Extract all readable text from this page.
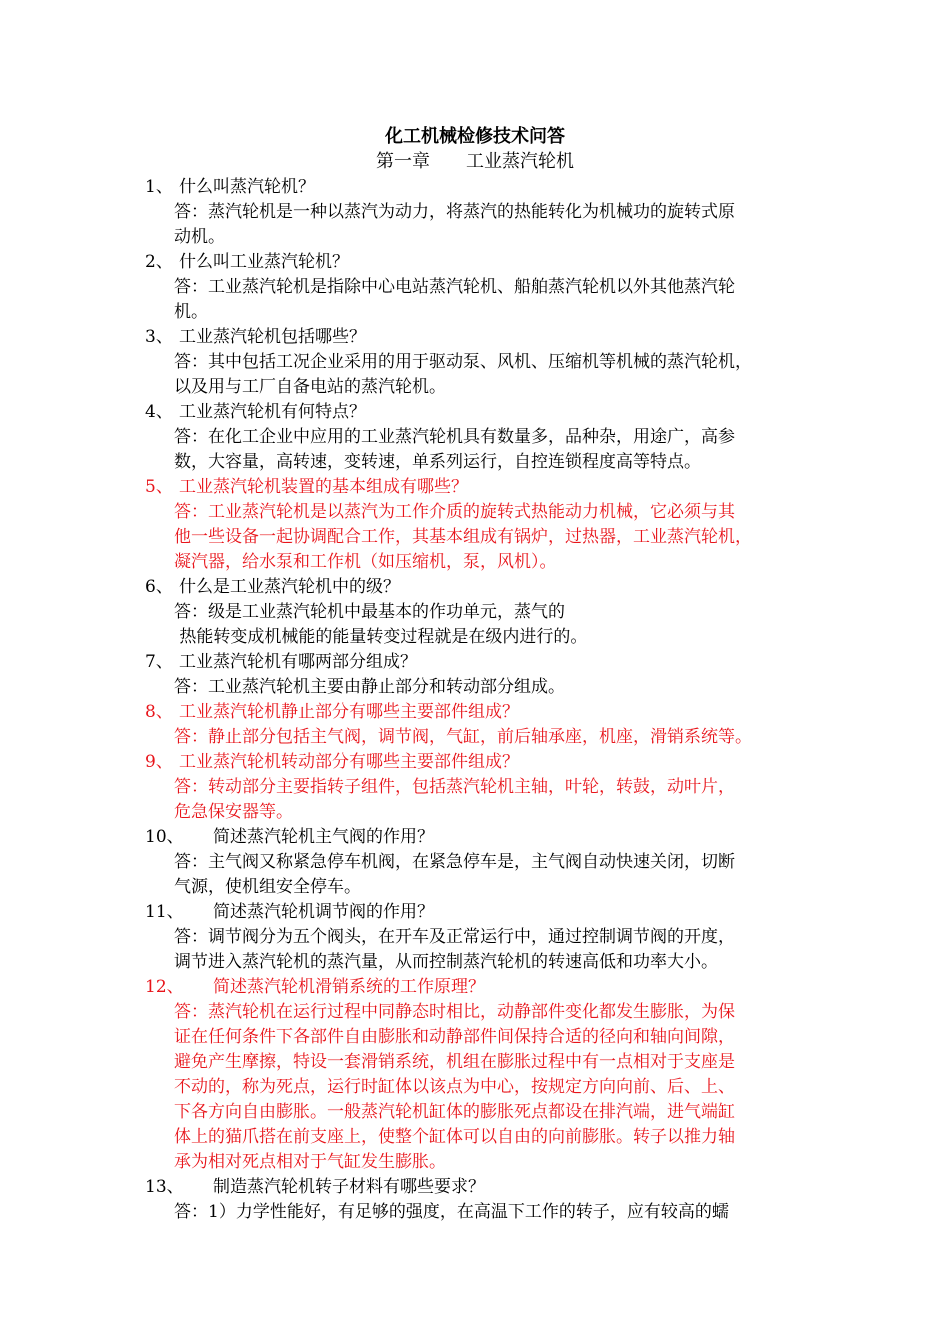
化工机械检修技术问答
第一章　　工业蒸汽轮机
1、 什么叫蒸汽轮机？
答：蒸汽轮机是一种以蒸汽为动力，将蒸汽的热能转化为机械功的旋转式原
动机。
2、 什么叫工业蒸汽轮机？
答：工业蒸汽轮机是指除中心电站蒸汽轮机、船舶蒸汽轮机以外其他蒸汽轮
机。
3、 工业蒸汽轮机包括哪些？
答：其中包括工况企业采用的用于驱动泵、风机、压缩机等机械的蒸汽轮机，
以及用与工厂自备电站的蒸汽轮机。
4、 工业蒸汽轮机有何特点？
答：在化工企业中应用的工业蒸汽轮机具有数量多，品种杂，用途广，高参
数，大容量，高转速，变转速，单系列运行，自控连锁程度高等特点。
5、 工业蒸汽轮机装置的基本组成有哪些？
答：工业蒸汽轮机是以蒸汽为工作介质的旋转式热能动力机械，它必须与其
他一些设备一起协调配合工作，其基本组成有锅炉，过热器，工业蒸汽轮机，
凝汽器，给水泵和工作机（如压缩机，泵，风机）。
6、 什么是工业蒸汽轮机中的级？
答：级是工业蒸汽轮机中最基本的作功单元，蒸气的
热能转变成机械能的能量转变过程就是在级内进行的。
7、 工业蒸汽轮机有哪两部分组成？
答：工业蒸汽轮机主要由静止部分和转动部分组成。
8、 工业蒸汽轮机静止部分有哪些主要部件组成？
答：静止部分包括主气阀，调节阀，气缸，前后轴承座，机座，滑销系统等。
9、 工业蒸汽轮机转动部分有哪些主要部件组成？
答：转动部分主要指转子组件，包括蒸汽轮机主轴，叶轮，转鼓，动叶片，
危急保安器等。
10、	简述蒸汽轮机主气阀的作用？
答：主气阀又称紧急停车机阀，在紧急停车是，主气阀自动快速关闭，切断
气源，使机组安全停车。
11、	简述蒸汽轮机调节阀的作用？
答：调节阀分为五个阀头，在开车及正常运行中，通过控制调节阀的开度，
调节进入蒸汽轮机的蒸汽量，从而控制蒸汽轮机的转速高低和功率大小。
12、	简述蒸汽轮机滑销系统的工作原理？
答：蒸汽轮机在运行过程中同静态时相比，动静部件变化都发生膨胀，为保
证在任何条件下各部件自由膨胀和动静部件间保持合适的径向和轴向间隙，
避免产生摩擦，特设一套滑销系统，机组在膨胀过程中有一点相对于支座是
不动的，称为死点，运行时缸体以该点为中心，按规定方向向前、后、上、
下各方向自由膨胀。一般蒸汽轮机缸体的膨胀死点都设在排汽端，进气端缸
体上的猫爪搭在前支座上，使整个缸体可以自由的向前膨胀。转子以推力轴
承为相对死点相对于气缸发生膨胀。
13、	制造蒸汽轮机转子材料有哪些要求？
答：1）力学性能好，有足够的强度，在高温下工作的转子，应有较高的蠕
